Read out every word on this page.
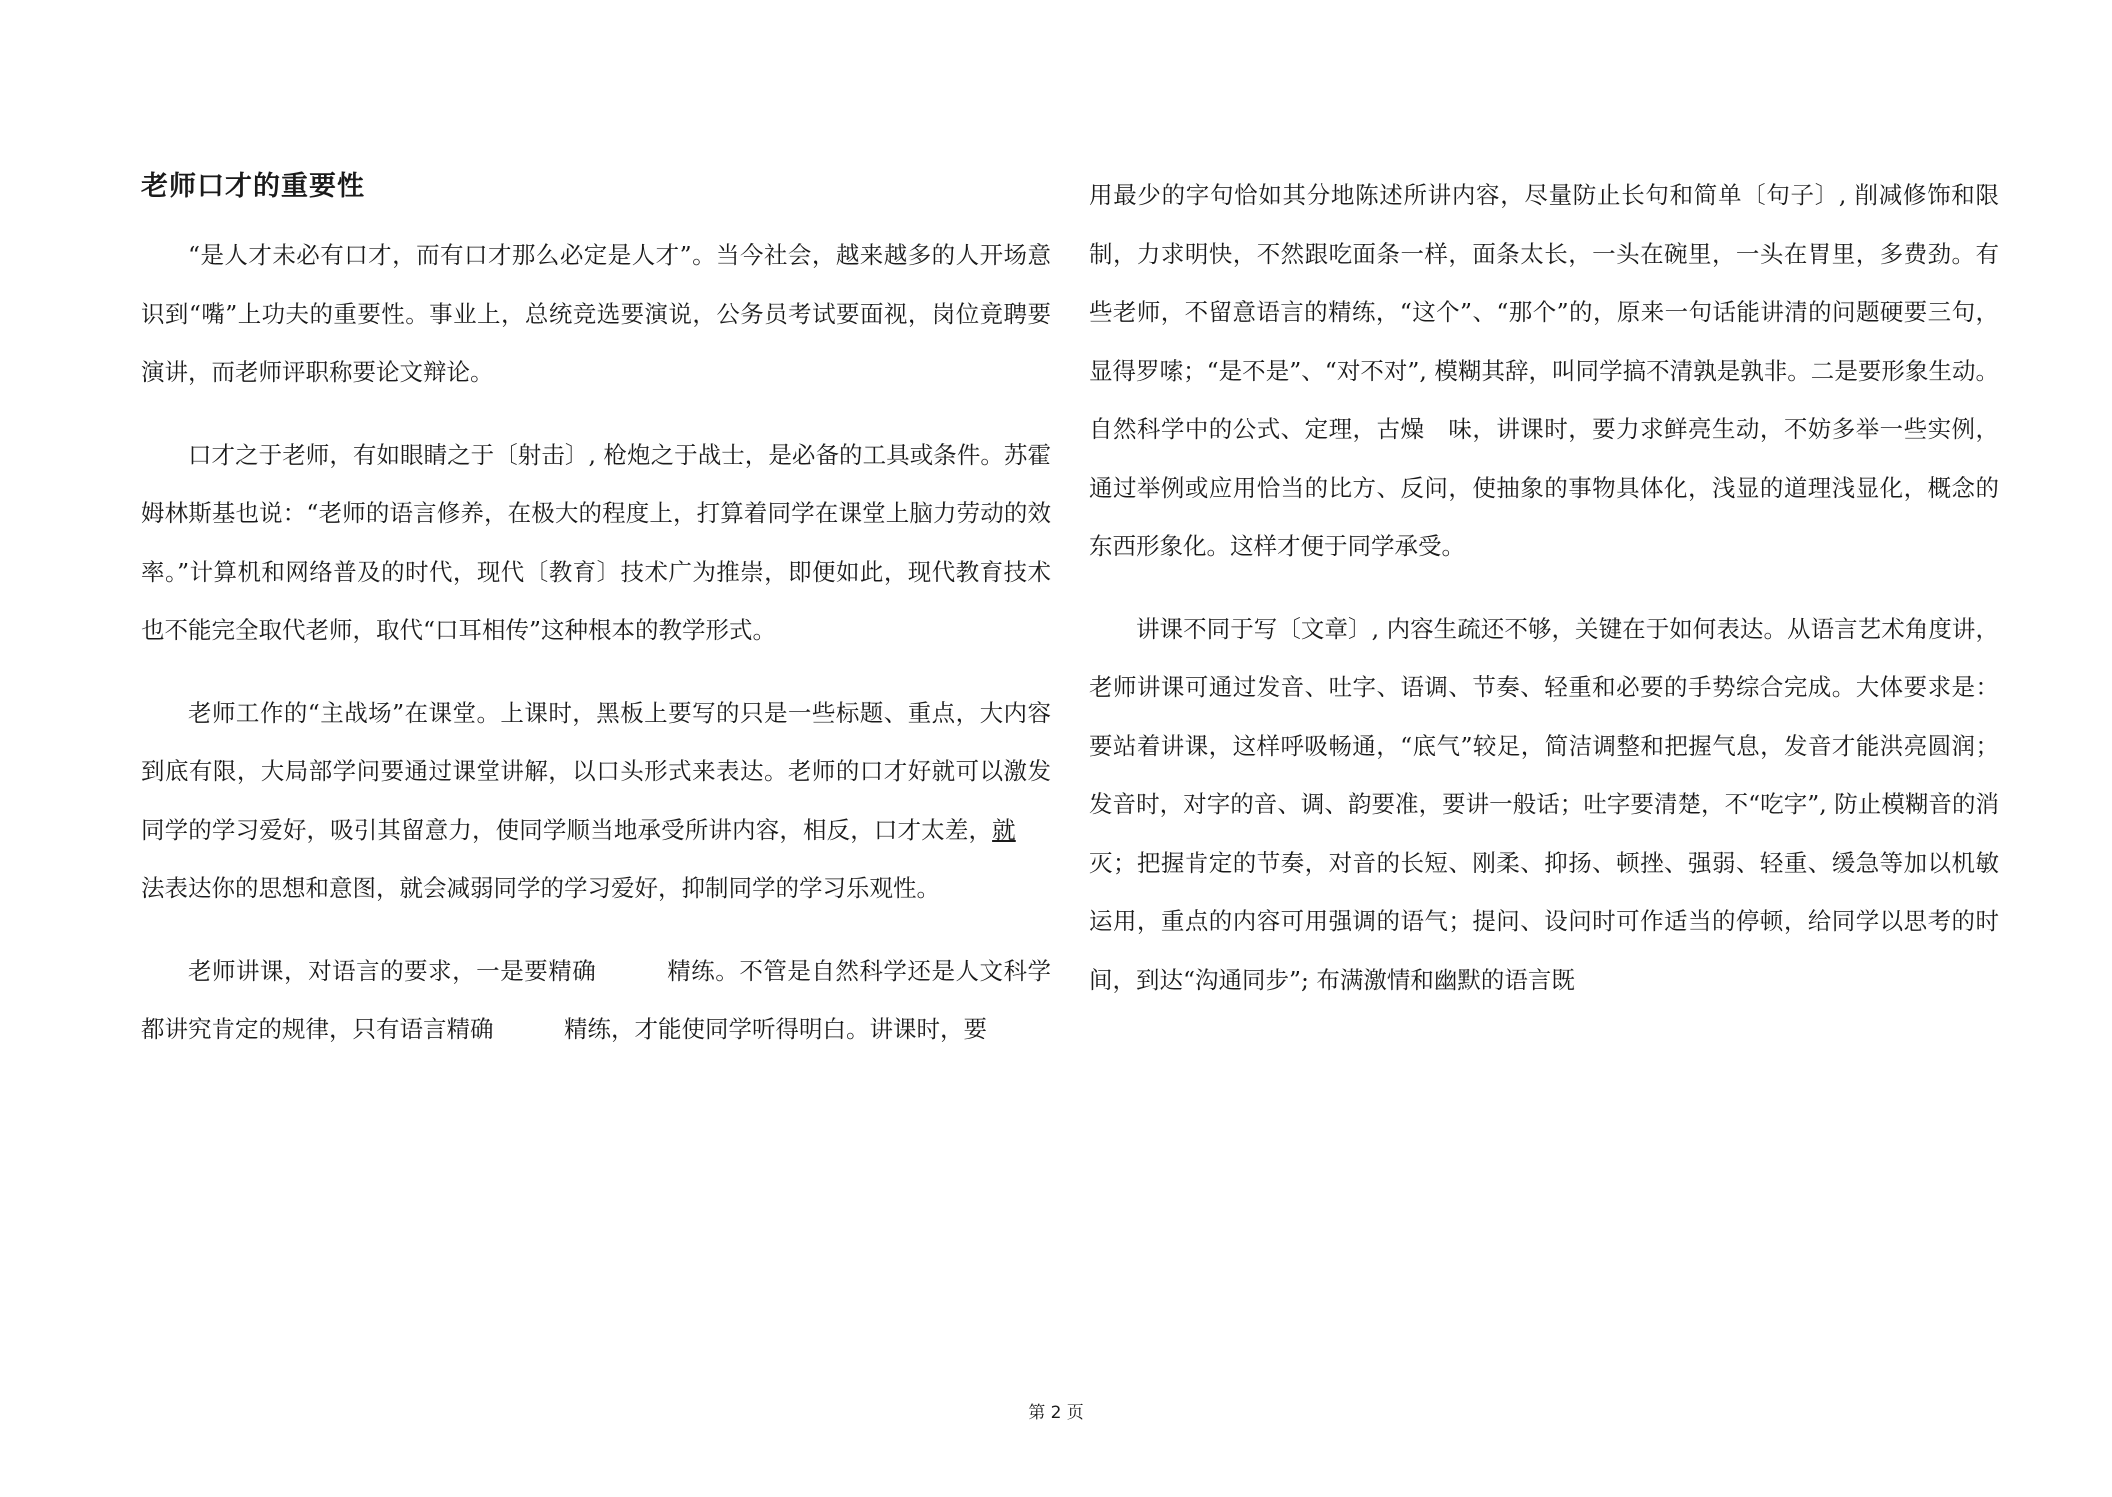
老师口才的重要性

“是人才未必有口才，而有口才那么必定是人才”。当今社会，越来越多的人开场意识到“嘴”上功夫的重要性。事业上，总统竞选要演说，公务员考试要面视，岗位竟聘要演讲，而老师评职称要论文辩论。

口才之于老师，有如眼睛之于〔射击〕, 枪炮之于战士，是必备的工具或条件。苏霍姆林斯基也说：“老师的语言修养，在极大的程度上，打算着同学在课堂上脑力劳动的效率。”计算机和网络普及的时代，现代〔教育〕技术广为推崇，即便如此，现代教育技术也不能完全取代老师，取代“口耳相传”这种根本的教学形式。

老师工作的“主战场”在课堂。上课时，黑板上要写的只是一些标题、重点，大内容到底有限，大局部学问要通过课堂讲解，以口头形式来表达。老师的口才好就可以激发同学的学习爱好，吸引其留意力，使同学顺当地承受所讲内容，相反，口才太差，就法表达你的思想和意图，就会减弱同学的学习爱好，抑制同学的学习乐观性。

老师讲课，对语言的要求，一是要精确	精练。不管是自然科学还是人文科学都讲究肯定的规律，只有语言精确	精练，才能使同学听得明白。讲课时，要

用最少的字句恰如其分地陈述所讲内容，尽量防止长句和简单〔句子〕, 削减修饰和限制，力求明快，不然跟吃面条一样，面条太长，一头在碗里，一头在胃里，多费劲。有些老师，不留意语言的精练，“这个”、“那个”的，原来一句话能讲清的问题硬要三句，显得罗嗦；“是不是”、“对不对”, 模糊其辞，叫同学搞不清孰是孰非。二是要形象生动。自然科学中的公式、定理，古燥 味，讲课时，要力求鲜亮生动，不妨多举一些实例，通过举例或应用恰当的比方、反问，使抽象的事物具体化，浅显的道理浅显化，概念的东西形象化。这样才便于同学承受。

讲课不同于写〔文章〕, 内容生疏还不够，关键在于如何表达。从语言艺术角度讲，老师讲课可通过发音、吐字、语调、节奏、轻重和必要的手势综合完成。大体要求是：要站着讲课，这样呼吸畅通，“底气”较足，简洁调整和把握气息，发音才能洪亮圆润；发音时，对字的音、调、韵要准，要讲一般话；吐字要清楚，不“吃字”, 防止模糊音的消灭；把握肯定的节奏，对音的长短、刚柔、抑扬、顿挫、强弱、轻重、缓急等加以机敏运用，重点的内容可用强调的语气；提问、设问时可作适当的停顿，给同学以思考的时间，到达“沟通同步”; 布满激情和幽默的语言既

第 2 页
